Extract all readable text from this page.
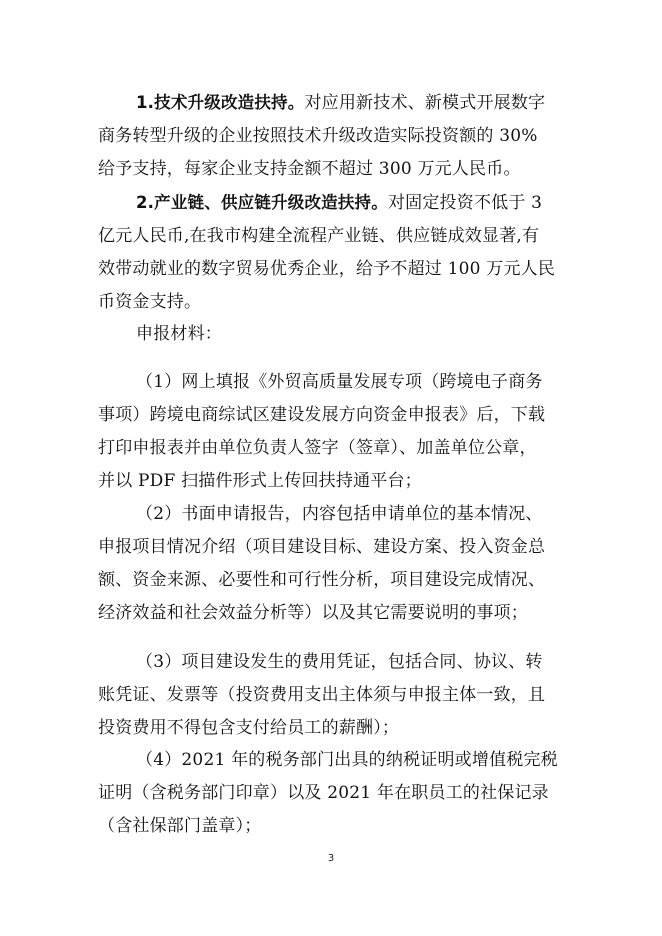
1.技术升级改造扶持。对应用新技术、新模式开展数字
商务转型升级的企业按照技术升级改造实际投资额的 30%
给予支持，每家企业支持金额不超过 300 万元人民币。
2.产业链、供应链升级改造扶持。对固定投资不低于 3
亿元人民币,在我市构建全流程产业链、供应链成效显著,有
效带动就业的数字贸易优秀企业，给予不超过 100 万元人民
币资金支持。
申报材料：
（1）网上填报《外贸高质量发展专项（跨境电子商务
事项）跨境电商综试区建设发展方向资金申报表》后，下载
打印申报表并由单位负责人签字（签章）、加盖单位公章，
并以 PDF 扫描件形式上传回扶持通平台；
（2）书面申请报告，内容包括申请单位的基本情况、
申报项目情况介绍（项目建设目标、建设方案、投入资金总
额、资金来源、必要性和可行性分析，项目建设完成情况、
经济效益和社会效益分析等）以及其它需要说明的事项；
（3）项目建设发生的费用凭证，包括合同、协议、转
账凭证、发票等（投资费用支出主体须与申报主体一致，且
投资费用不得包含支付给员工的薪酬）；
（4）2021 年的税务部门出具的纳税证明或增值税完税
证明（含税务部门印章）以及 2021 年在职员工的社保记录
（含社保部门盖章）；
3
